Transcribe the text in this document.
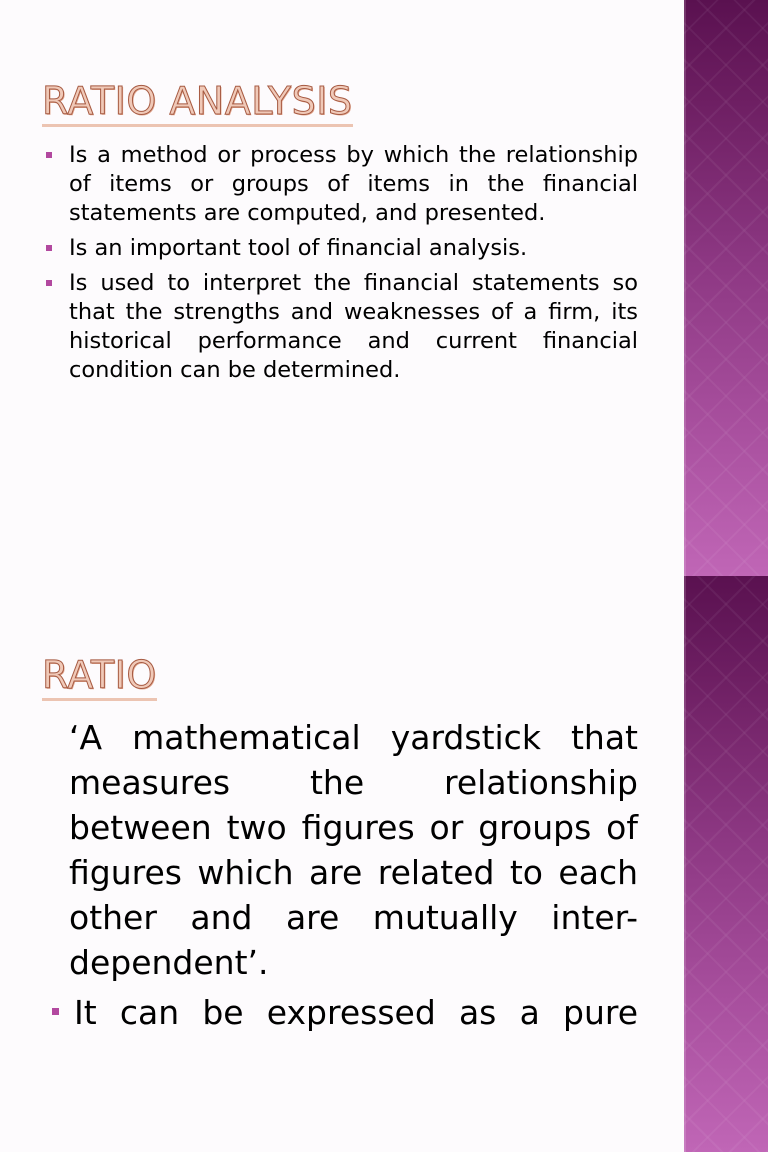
RATIO ANALYSIS
Is a method or process by which the relationship of items or groups of items in the financial statements are computed, and presented.
Is an important tool of financial analysis.
Is used to interpret the financial statements so that the strengths and weaknesses of a firm, its historical performance and current financial condition can be determined.
RATIO

‘A mathematical yardstick that measures the relationship between two figures or groups of figures which are related to each other and are mutually inter-dependent’.

It can be expressed as a pure
